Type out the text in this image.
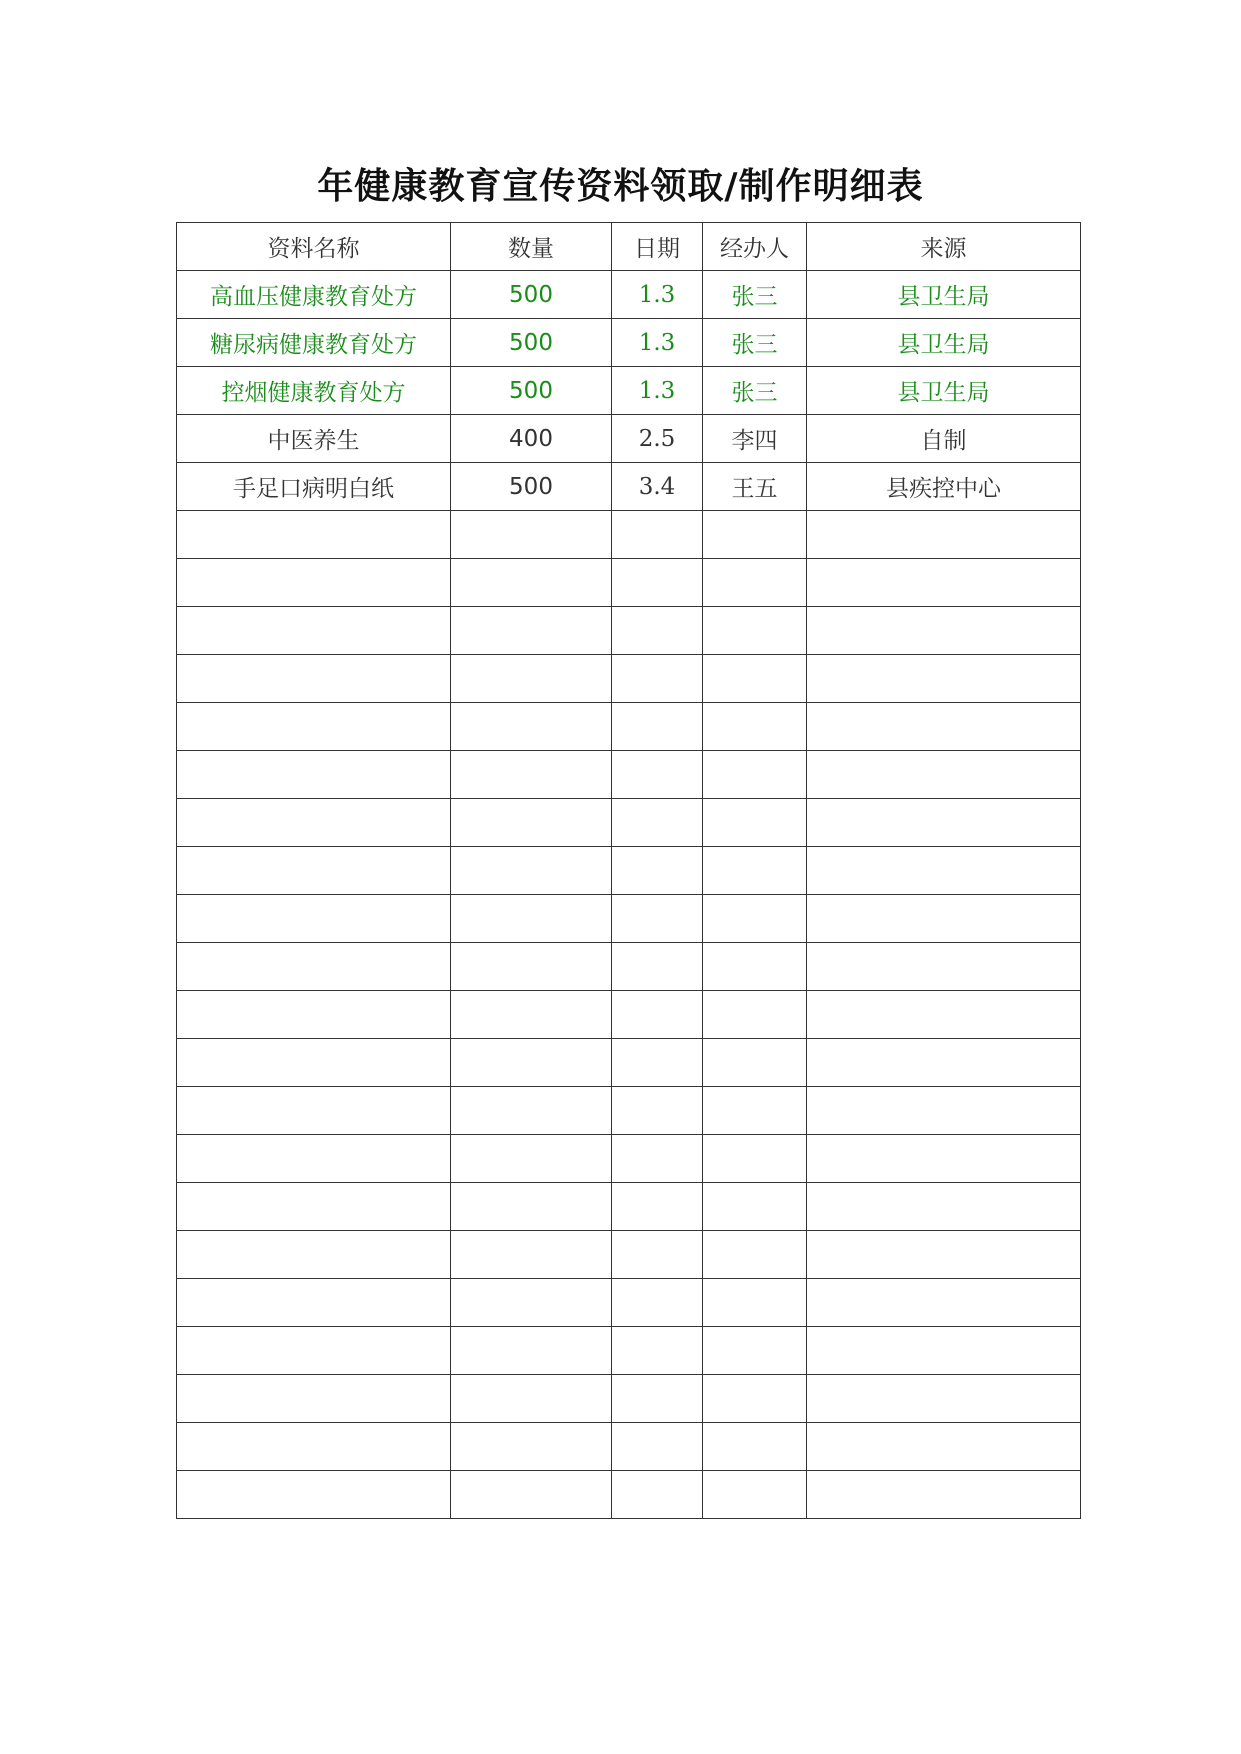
年健康教育宣传资料领取/制作明细表
资料名称	数量	日期	经办人	来源
高血压健康教育处方	500	1.3	张三	县卫生局
糖尿病健康教育处方	500	1.3	张三	县卫生局
控烟健康教育处方	500	1.3	张三	县卫生局
中医养生	400	2.5	李四	自制
手足口病明白纸	500	3.4	王五	县疾控中心
